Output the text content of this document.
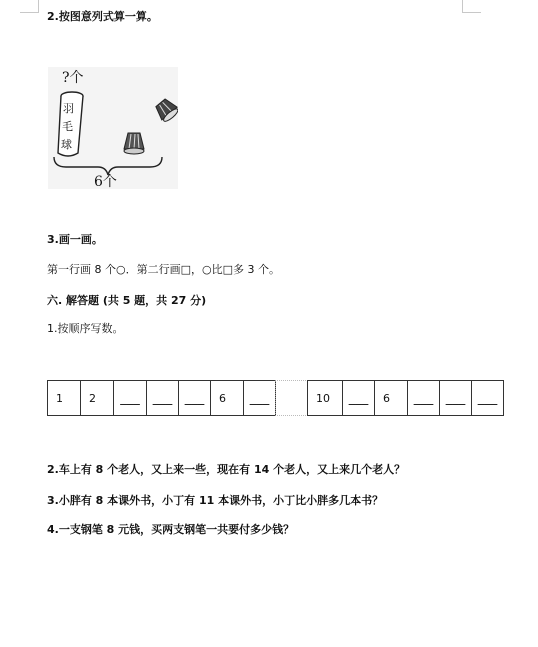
2.按图意列式算一算。
?个
羽
毛
球
6个
3.画一画。
第一行画 8 个○．第二行画□，○比□多 3 个。
六. 解答题 (共 5 题，共 27 分)
1.按顺序写数。
1	2	___	___ ___	6	___	10	___	6	___ ___ ___
2.车上有 8 个老人，又上来一些，现在有 14 个老人，又上来几个老人？
3.小胖有 8 本课外书，小丁有 11 本课外书，小丁比小胖多几本书？
4.一支钢笔 8 元钱，买两支钢笔一共要付多少钱？
